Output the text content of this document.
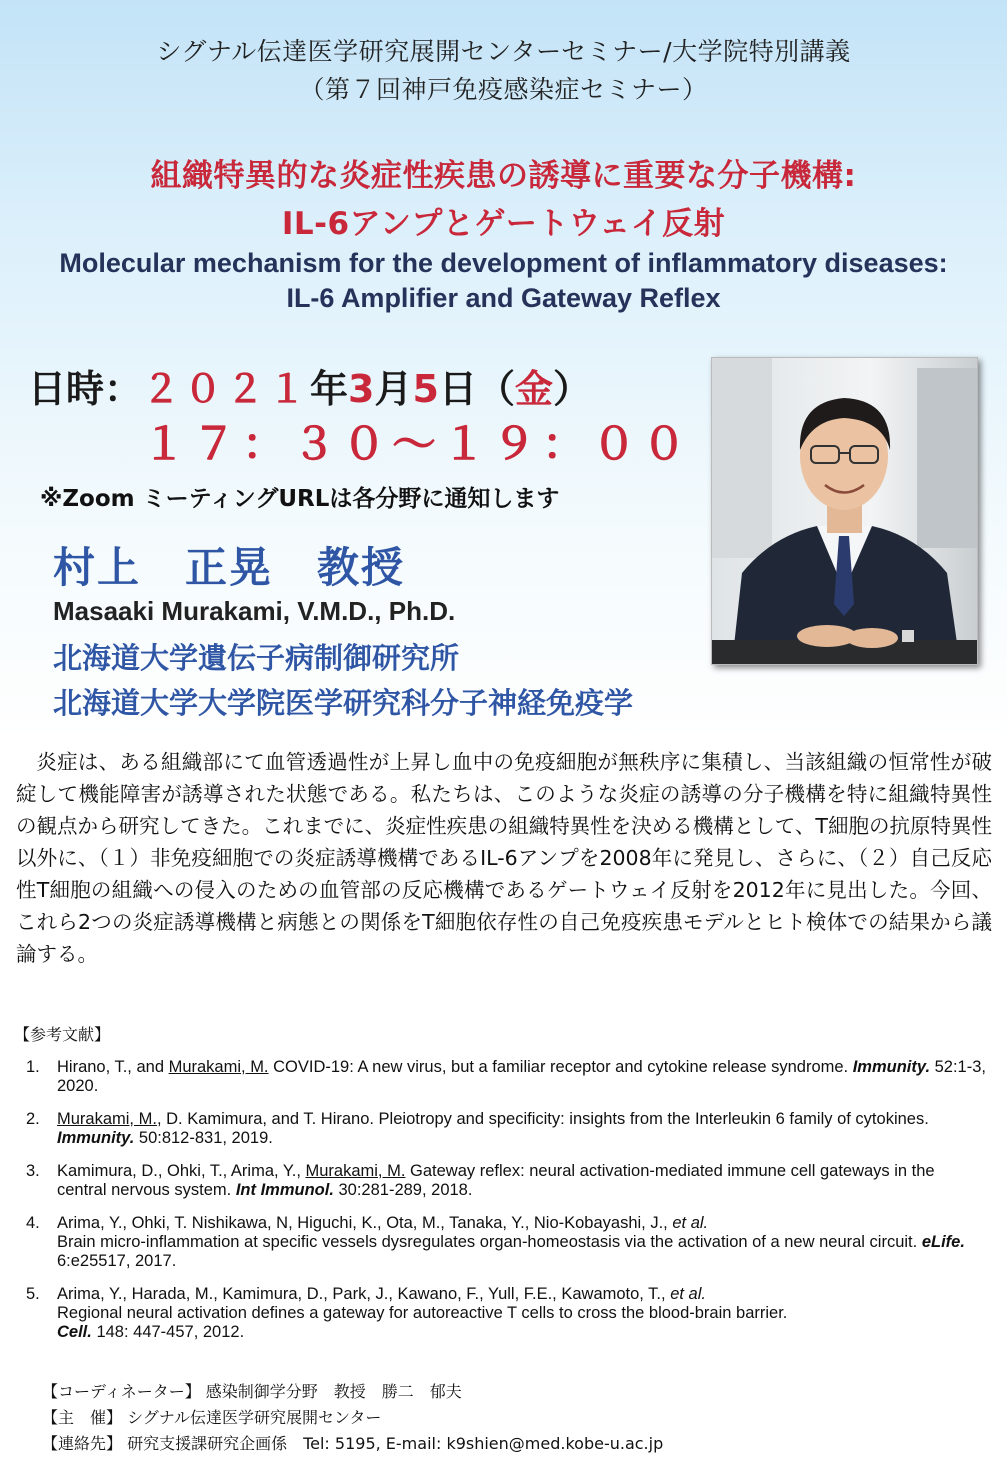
シグナル伝達医学研究展開センターセミナー/大学院特別講義
（第７回神戸免疫感染症セミナー）
組織特異的な炎症性疾患の誘導に重要な分子機構:
IL-6アンプとゲートウェイ反射
Molecular mechanism for the development of inflammatory diseases:
IL-6 Amplifier and Gateway Reflex
日時：２０２１年3月5日（金）
１７：３０～１９：００
※Zoom ミーティングURLは各分野に通知します
村上　正晃　教授
Masaaki Murakami, V.M.D., Ph.D.
北海道大学遺伝子病制御研究所
北海道大学大学院医学研究科分子神経免疫学
炎症は、ある組織部にて血管透過性が上昇し血中の免疫細胞が無秩序に集積し、当該組織の恒常性が破綻して機能障害が誘導された状態である。私たちは、このような炎症の誘導の分子機構を特に組織特異性の観点から研究してきた。これまでに、炎症性疾患の組織特異性を決める機構として、T細胞の抗原特異性以外に、（１）非免疫細胞での炎症誘導機構であるIL-6アンプを2008年に発見し、さらに、（２）自己反応性T細胞の組織への侵入のための血管部の反応機構であるゲートウェイ反射を2012年に見出した。今回、これら2つの炎症誘導機構と病態との関係をT細胞依存性の自己免疫疾患モデルとヒト検体での結果から議論する。
【参考文献】
1. Hirano, T., and Murakami, M. COVID-19: A new virus, but a familiar receptor and cytokine release syndrome. Immunity. 52:1-3, 2020.
2. Murakami, M., D. Kamimura, and T. Hirano. Pleiotropy and specificity: insights from the Interleukin 6 family of cytokines. Immunity. 50:812-831, 2019.
3. Kamimura, D., Ohki, T., Arima, Y., Murakami, M. Gateway reflex: neural activation-mediated immune cell gateways in the central nervous system. Int Immunol. 30:281-289, 2018.
4. Arima, Y., Ohki, T. Nishikawa, N, Higuchi, K., Ota, M., Tanaka, Y., Nio-Kobayashi, J., et al.
Brain micro-inflammation at specific vessels dysregulates organ-homeostasis via the activation of a new neural circuit. eLife. 6:e25517, 2017.
5. Arima, Y., Harada, M., Kamimura, D., Park, J., Kawano, F., Yull, F.E., Kawamoto, T., et al.
Regional neural activation defines a gateway for autoreactive T cells to cross the blood-brain barrier.
Cell. 148: 447-457, 2012.
【コーディネーター】 感染制御学分野　教授　勝二　郁夫
【主　催】 シグナル伝達医学研究展開センター
【連絡先】 研究支援課研究企画係　Tel: 5195, E-mail: k9shien@med.kobe-u.ac.jp
